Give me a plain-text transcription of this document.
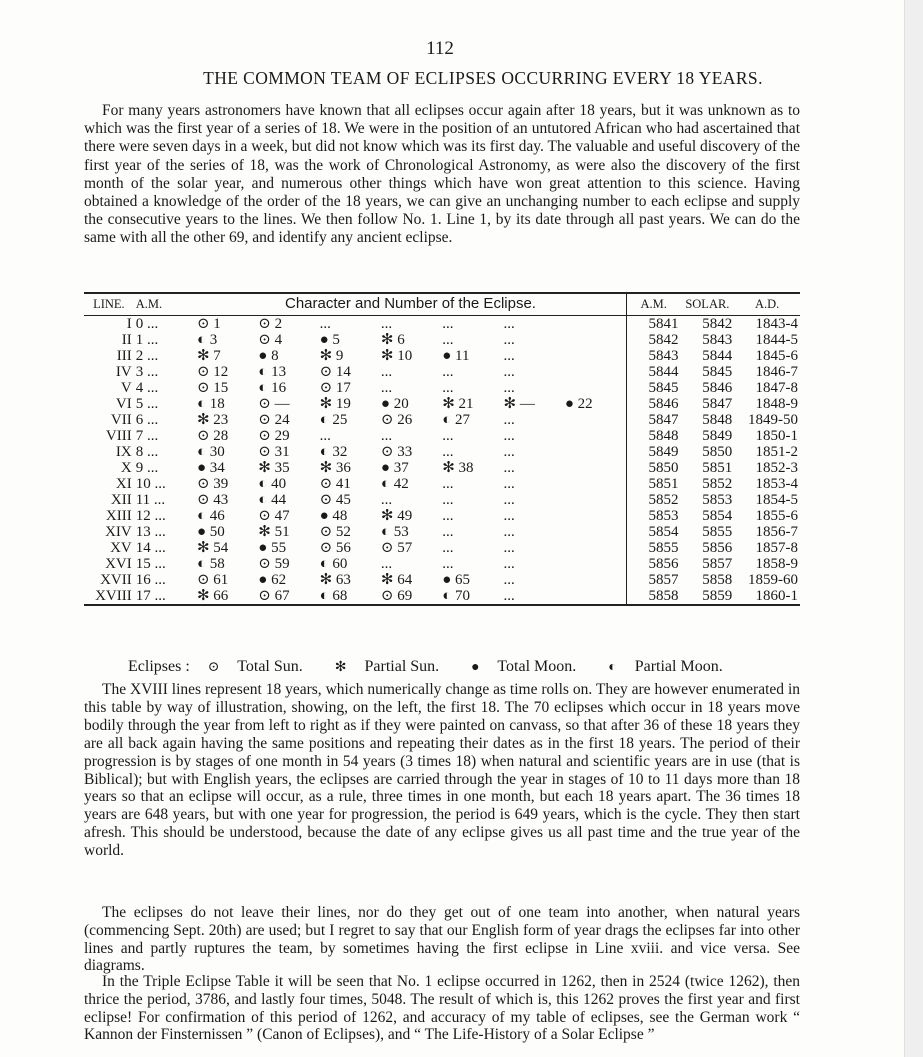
112
THE COMMON TEAM OF ECLIPSES OCCURRING EVERY 18 YEARS.

For many years astronomers have known that all eclipses occur again after 18 years, but it was unknown as to which was the first year of a series of 18. We were in the position of an untutored African who had ascertained that there were seven days in a week, but did not know which was its first day. The valuable and useful discovery of the first year of the series of 18, was the work of Chronological Astronomy, as were also the discovery of the first month of the solar year, and numerous other things which have won great attention to this science. Having obtained a knowledge of the order of the 18 years, we can give an unchanging number to each eclipse and supply the consecutive years to the lines. We then follow No. 1. Line 1, by its date through all past years. We can do the same with all the other 69, and identify any ancient eclipse.

LINE.	A.M.	Character and Number of the Eclipse.							A.M.	SOLAR.	A.D.
I	0 ...	⊙ 1	⊙ 2	...	...	...	...		5841	5842	1843-4
II	1 ...	◐ 3	⊙ 4	● 5	✻ 6	...	...		5842	5843	1844-5
III	2 ...	✻ 7	● 8	✻ 9	✻ 10	● 11	...		5843	5844	1845-6
IV	3 ...	⊙ 12	◐ 13	⊙ 14	...	...	...		5844	5845	1846-7
V	4 ...	⊙ 15	◐ 16	⊙ 17	...	...	...		5845	5846	1847-8
VI	5 ...	◐ 18	⊙ —	✻ 19	● 20	✻ 21	✻ —	● 22	5846	5847	1848-9
VII	6 ...	✻ 23	⊙ 24	◐ 25	⊙ 26	◐ 27	...		5847	5848	1849-50
VIII	7 ...	⊙ 28	⊙ 29	...	...	...	...		5848	5849	1850-1
IX	8 ...	◐ 30	⊙ 31	◐ 32	⊙ 33	...	...		5849	5850	1851-2
X	9 ...	● 34	✻ 35	✻ 36	● 37	✻ 38	...		5850	5851	1852-3
XI	10 ...	⊙ 39	◐ 40	⊙ 41	◐ 42	...	...		5851	5852	1853-4
XII	11 ...	⊙ 43	◐ 44	⊙ 45	...	...	...		5852	5853	1854-5
XIII	12 ...	◐ 46	⊙ 47	● 48	✻ 49	...	...		5853	5854	1855-6
XIV	13 ...	● 50	✻ 51	⊙ 52	◐ 53	...	...		5854	5855	1856-7
XV	14 ...	✻ 54	● 55	⊙ 56	⊙ 57	...	...		5855	5856	1857-8
XVI	15 ...	◐ 58	⊙ 59	◐ 60	...	...	...		5856	5857	1858-9
XVII	16 ...	⊙ 61	● 62	✻ 63	✻ 64	● 65	...		5857	5858	1859-60
XVIII	17 ...	✻ 66	⊙ 67	◐ 68	⊙ 69	◐ 70	...		5858	5859	1860-1
Eclipses : ⊙ Total Sun. ✻ Partial Sun. ● Total Moon. ◐ Partial Moon.

The XVIII lines represent 18 years, which numerically change as time rolls on. They are however enumerated in this table by way of illustration, showing, on the left, the first 18. The 70 eclipses which occur in 18 years move bodily through the year from left to right as if they were painted on canvass, so that after 36 of these 18 years they are all back again having the same positions and repeating their dates as in the first 18 years. The period of their progression is by stages of one month in 54 years (3 times 18) when natural and scientific years are in use (that is Biblical); but with English years, the eclipses are carried through the year in stages of 10 to 11 days more than 18 years so that an eclipse will occur, as a rule, three times in one month, but each 18 years apart. The 36 times 18 years are 648 years, but with one year for progression, the period is 649 years, which is the cycle. They then start afresh. This should be understood, because the date of any eclipse gives us all past time and the true year of the world.

The eclipses do not leave their lines, nor do they get out of one team into another, when natural years (commencing Sept. 20th) are used; but I regret to say that our English form of year drags the eclipses far into other lines and partly ruptures the team, by sometimes having the first eclipse in Line xviii. and vice versa. See diagrams.

In the Triple Eclipse Table it will be seen that No. 1 eclipse occurred in 1262, then in 2524 (twice 1262), then thrice the period, 3786, and lastly four times, 5048. The result of which is, this 1262 proves the first year and first eclipse! For confirmation of this period of 1262, and accuracy of my table of eclipses, see the German work “ Kannon der Finsternissen ” (Canon of Eclipses), and “ The Life-History of a Solar Eclipse ”
